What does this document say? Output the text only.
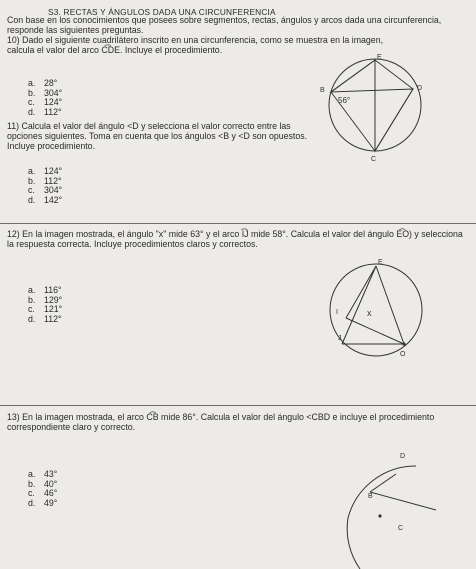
S3. RECTAS Y ÁNGULOS DADA UNA CIRCUNFERENCIA
Con base en los conocimientos que posees sobre segmentos, rectas, ángulos y arcos dada una circunferencia, responde las siguientes preguntas.
10) Dado el siguiente cuadrilátero inscrito en una circunferencia, como se muestra en la imagen, calcula el valor del arco C͡DE. Incluye el procedimiento.
a. 28°
b. 304°
c.	124°
d. 112°
E
B	D
C
56°
11) Calcula el valor del ángulo <D y selecciona el valor correcto entre las opciones siguientes. Toma en cuenta que los ángulos <B y <D son opuestos. Incluye procedimiento.
a. 124°
b. 112°
c.	304°
d. 142°
12) En la imagen mostrada, el ángulo "x" mide 63° y el arco I͡J mide 58°. Calcula el valor del ángulo E͡O) y selecciona la respuesta correcta. Incluye procedimientos claros y correctos.
a. 116°
b. 129°
c.	121°
d. 112°
E
I	x
J
O
13) En la imagen mostrada, el arco C͡B mide 86°. Calcula el valor del ángulo <CBD e incluye el procedimiento correspondiente claro y correcto.
a. 43°
b. 40°
c.	46°
d. 49°
D
B
C
